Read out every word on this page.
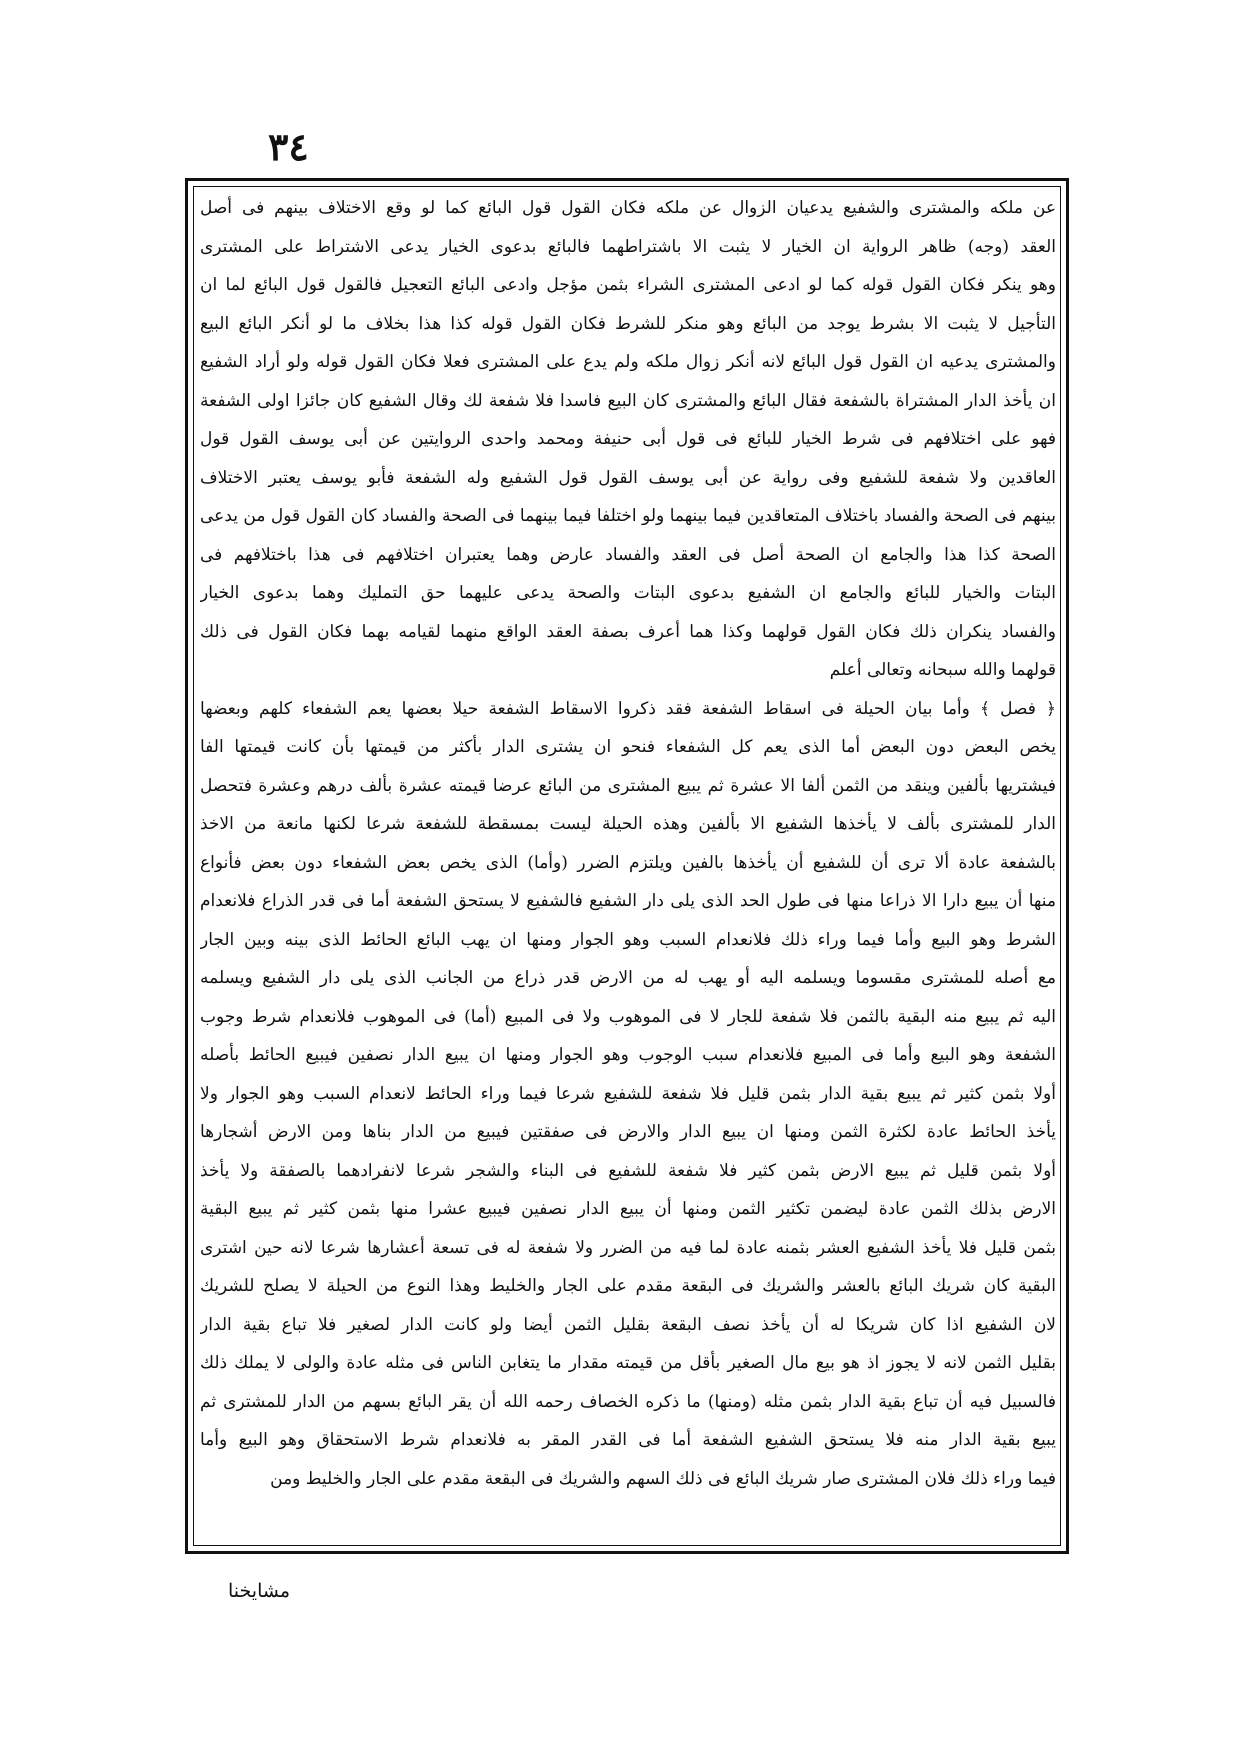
٣٤
عن ملكه والمشترى والشفيع يدعيان الزوال عن ملكه فكان القول قول البائع كما لو وقع الاختلاف بينهم فى أصل
العقد (وجه) ظاهر الرواية ان الخيار لا يثبت الا باشتراطهما فالبائع بدعوى الخيار يدعى الاشتراط على المشترى
وهو ينكر فكان القول قوله كما لو ادعى المشترى الشراء بثمن مؤجل وادعى البائع التعجيل فالقول قول البائع لما ان
التأجيل لا يثبت الا بشرط يوجد من البائع وهو منكر للشرط فكان القول قوله كذا هذا بخلاف ما لو أنكر البائع البيع
والمشترى يدعيه ان القول قول البائع لانه أنكر زوال ملكه ولم يدع على المشترى فعلا فكان القول قوله ولو أراد الشفيع
ان يأخذ الدار المشتراة بالشفعة فقال البائع والمشترى كان البيع فاسدا فلا شفعة لك وقال الشفيع كان جائزا اولى الشفعة
فهو على اختلافهم فى شرط الخيار للبائع فى قول أبى حنيفة ومحمد واحدى الروايتين عن أبى يوسف القول قول
العاقدين ولا شفعة للشفيع وفى رواية عن أبى يوسف القول قول الشفيع وله الشفعة فأبو يوسف يعتبر الاختلاف
بينهم فى الصحة والفساد باختلاف المتعاقدين فيما بينهما ولو اختلفا فيما بينهما فى الصحة والفساد كان القول قول من يدعى
الصحة كذا هذا والجامع ان الصحة أصل فى العقد والفساد عارض وهما يعتبران اختلافهم فى هذا باختلافهم فى
البتات والخيار للبائع والجامع ان الشفيع بدعوى البتات والصحة يدعى عليهما حق التمليك وهما بدعوى الخيار
والفساد ينكران ذلك فكان القول قولهما وكذا هما أعرف بصفة العقد الواقع منهما لقيامه بهما فكان القول فى ذلك
قولهما والله سبحانه وتعالى أعلم
﴿ فصل ﴾ وأما بيان الحيلة فى اسقاط الشفعة فقد ذكروا الاسقاط الشفعة حيلا بعضها يعم الشفعاء كلهم وبعضها
يخص البعض دون البعض أما الذى يعم كل الشفعاء فنحو ان يشترى الدار بأكثر من قيمتها بأن كانت قيمتها الفا
فيشتريها بألفين وينقد من الثمن ألفا الا عشرة ثم يبيع المشترى من البائع عرضا قيمته عشرة بألف درهم وعشرة فتحصل
الدار للمشترى بألف لا يأخذها الشفيع الا بألفين وهذه الحيلة ليست بمسقطة للشفعة شرعا لكنها مانعة من الاخذ
بالشفعة عادة ألا ترى أن للشفيع أن يأخذها بالفين ويلتزم الضرر (وأما) الذى يخص بعض الشفعاء دون بعض فأنواع
منها أن يبيع دارا الا ذراعا منها فى طول الحد الذى يلى دار الشفيع فالشفيع لا يستحق الشفعة أما فى قدر الذراع فلانعدام
الشرط وهو البيع وأما فيما وراء ذلك فلانعدام السبب وهو الجوار ومنها ان يهب البائع الحائط الذى بينه وبين الجار
مع أصله للمشترى مقسوما ويسلمه اليه أو يهب له من الارض قدر ذراع من الجانب الذى يلى دار الشفيع ويسلمه
اليه ثم يبيع منه البقية بالثمن فلا شفعة للجار لا فى الموهوب ولا فى المبيع (أما) فى الموهوب فلانعدام شرط وجوب
الشفعة وهو البيع وأما فى المبيع فلانعدام سبب الوجوب وهو الجوار ومنها ان يبيع الدار نصفين فيبيع الحائط بأصله
أولا بثمن كثير ثم يبيع بقية الدار بثمن قليل فلا شفعة للشفيع شرعا فيما وراء الحائط لانعدام السبب وهو الجوار ولا
يأخذ الحائط عادة لكثرة الثمن ومنها ان يبيع الدار والارض فى صفقتين فيبيع من الدار بناها ومن الارض أشجارها
أولا بثمن قليل ثم يبيع الارض بثمن كثير فلا شفعة للشفيع فى البناء والشجر شرعا لانفرادهما بالصفقة ولا يأخذ
الارض بذلك الثمن عادة ليضمن تكثير الثمن ومنها أن يبيع الدار نصفين فيبيع عشرا منها بثمن كثير ثم يبيع البقية
بثمن قليل فلا يأخذ الشفيع العشر بثمنه عادة لما فيه من الضرر ولا شفعة له فى تسعة أعشارها شرعا لانه حين اشترى
البقية كان شريك البائع بالعشر والشريك فى البقعة مقدم على الجار والخليط وهذا النوع من الحيلة لا يصلح للشريك
لان الشفيع اذا كان شريكا له أن يأخذ نصف البقعة بقليل الثمن أيضا ولو كانت الدار لصغير فلا تباع بقية الدار
بقليل الثمن لانه لا يجوز اذ هو بيع مال الصغير بأقل من قيمته مقدار ما يتغابن الناس فى مثله عادة والولى لا يملك ذلك
فالسبيل فيه أن تباع بقية الدار بثمن مثله (ومنها) ما ذكره الخصاف رحمه الله أن يقر البائع بسهم من الدار للمشترى ثم
يبيع بقية الدار منه فلا يستحق الشفيع الشفعة أما فى القدر المقر به فلانعدام شرط الاستحقاق وهو البيع وأما
فيما وراء ذلك فلان المشترى صار شريك البائع فى ذلك السهم والشريك فى البقعة مقدم على الجار والخليط ومن
مشايخنا
